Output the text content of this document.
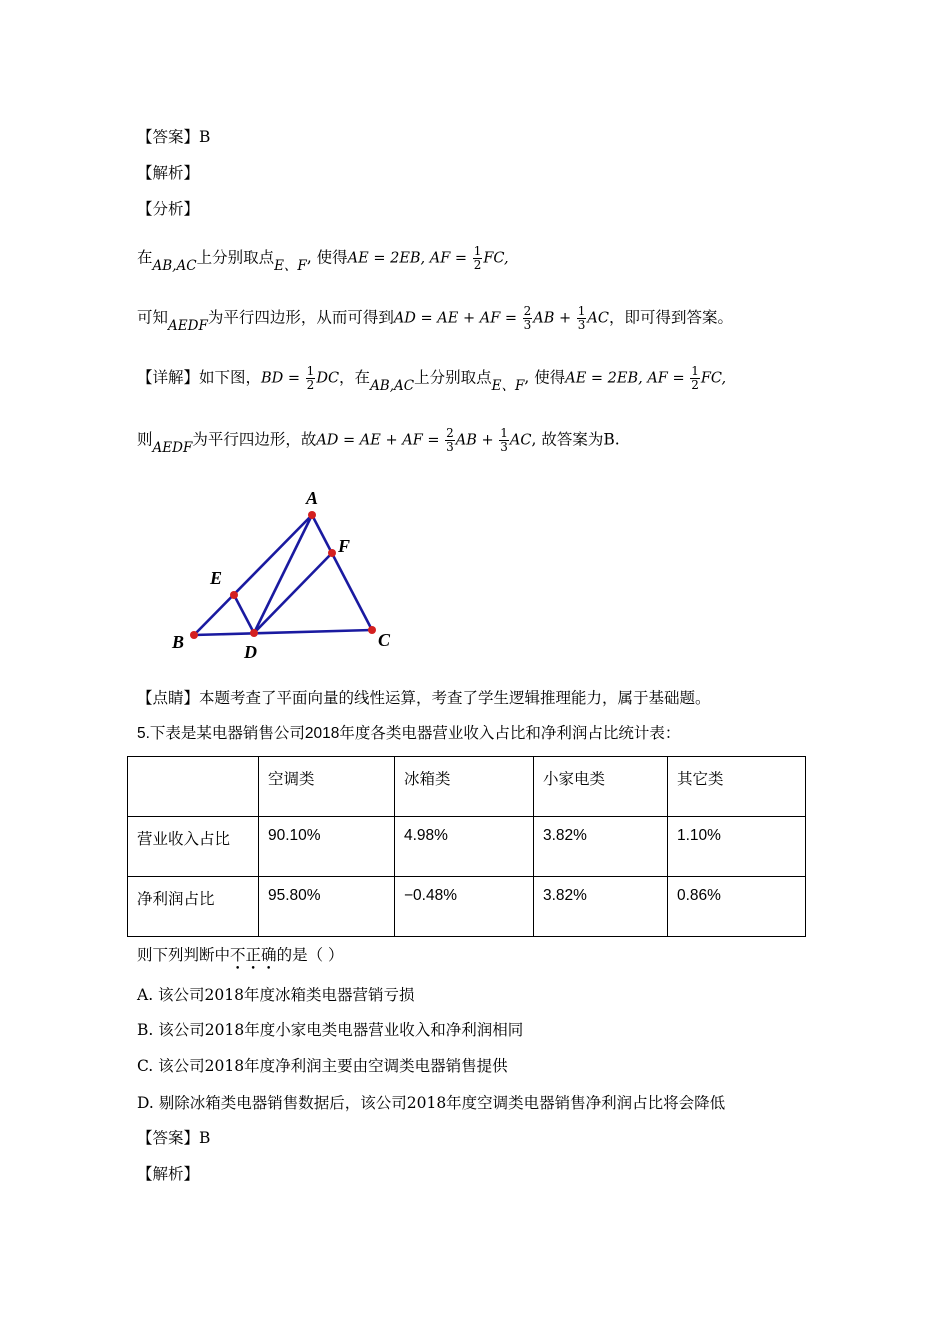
【答案】B
【解析】
【分析】
在AB,AC上分别取点E、F, 使得AE = 2EB, AF = $\frac{1}{2}$ FC,
可知AEDF为平行四边形，从而可得到AD = AE + AF = $\frac{2}{3}$ AB + $\frac{1}{3}$ AC，即可得到答案。
【详解】如下图，BD = $\frac{1}{2}$ DC，在AB,AC上分别取点E、F, 使得AE = 2EB, AF = $\frac{1}{2}$ FC,
则AEDF为平行四边形，故AD = AE + AF = $\frac{2}{3}$ AB + $\frac{1}{3}$ AC, 故答案为B.
A
B	C
D
E
F
【点睛】本题考查了平面向量的线性运算，考查了学生逻辑推理能力，属于基础题。
5.下表是某电器销售公司2018年度各类电器营业收入占比和净利润占比统计表：
	空调类	冰箱类	小家电类	其它类
营业收入占比	90.10%	4.98%	3.82%	1.10%
净利润占比	95.80%	−0.48%	3.82%	0.86%
则下列判断中不正确的是（ ）
A. 该公司2018年度冰箱类电器营销亏损
B. 该公司2018年度小家电类电器营业收入和净利润相同
C. 该公司2018年度净利润主要由空调类电器销售提供
D. 剔除冰箱类电器销售数据后，该公司2018年度空调类电器销售净利润占比将会降低
【答案】B
【解析】
